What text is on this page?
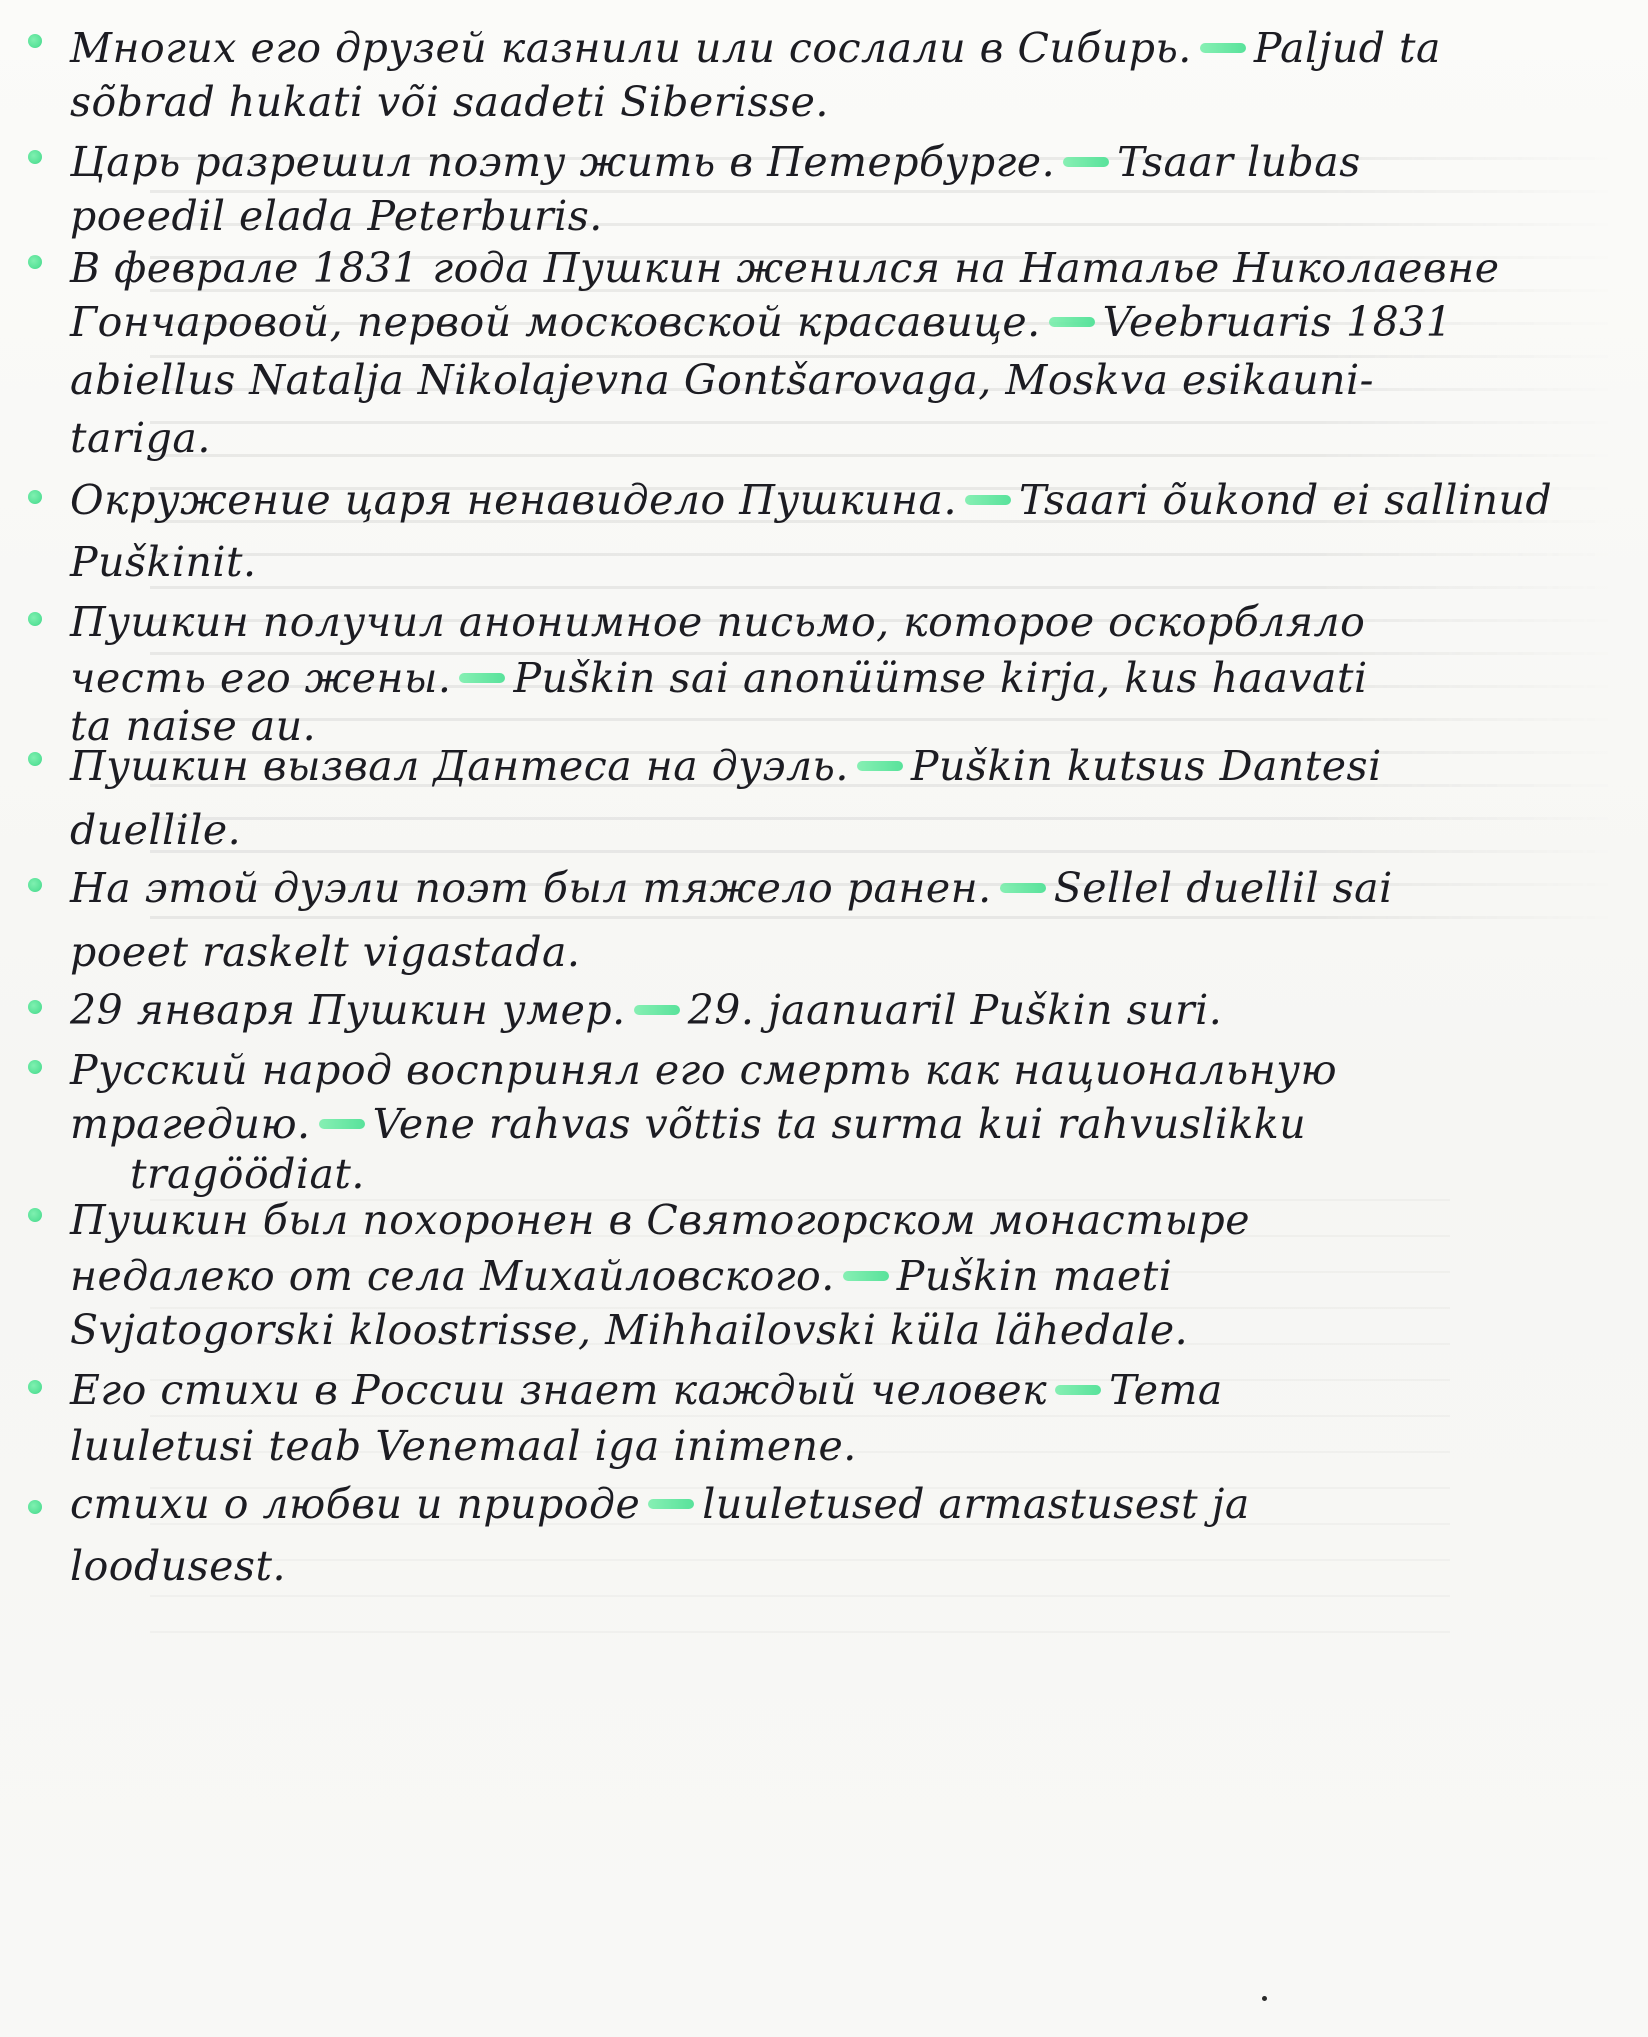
Многих его друзей казнили или сослали в Сибирь. Paljud ta
sõbrad hukati või saadeti Siberisse.
Царь разрешил поэту жить в Петербурге. Tsaar lubas
poeedil elada Peterburis.
В феврале 1831 года Пушкин женился на Наталье Николаевне
Гончаровой, первой московской красавице. Veebruaris 1831
abiellus Natalja Nikolajevna Gontšarovaga, Moskva esikauni-
tariga.
Окружение царя ненавидело Пушкина. Tsaari õukond ei sallinud
Puškinit.
Пушкин получил анонимное письмо, которое оскорбляло
честь его жены. Puškin sai anonüümse kirja, kus haavati
ta naise au.
Пушкин вызвал Дантеса на дуэль. Puškin kutsus Dantesi
duellile.
На этой дуэли поэт был тяжело ранен. Sellel duellil sai
poeet raskelt vigastada.
29 января Пушкин умер. 29. jaanuaril Puškin suri.
Русский народ воспринял его смерть как национальную
трагедию. Vene rahvas võttis ta surma kui rahvuslikku
tragöödiat.
Пушкин был похоронен в Святогорском монастыре
недалеко от села Михайловского. Puškin maeti
Svjatogorski kloostrisse, Mihhailovski küla lähedale.
Его стихи в России знает каждый человек Tema
luuletusi teab Venemaal iga inimene.
стихи о любви и природе luuletused armastusest ja
loodusest.
